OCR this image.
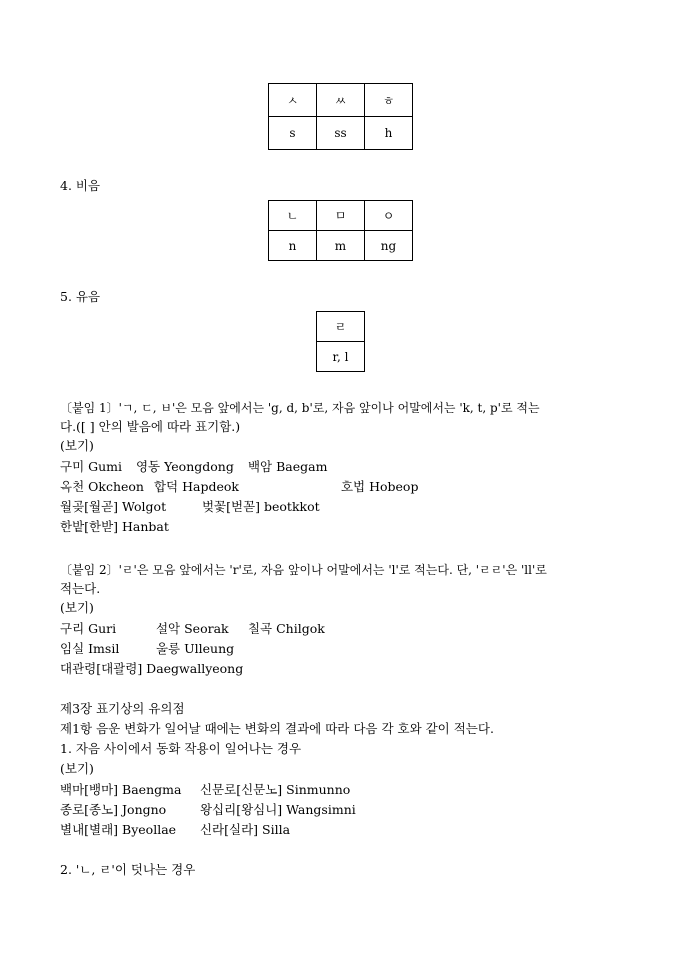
ㅅ	ㅆ	ㅎ
s	ss	h
4. 비음
ㄴ	ㅁ	ㅇ
n	m	ng
5. 유음
ㄹ
r, l
〔붙임 1〕'ㄱ, ㄷ, ㅂ'은 모음 앞에서는 'g, d, b'로, 자음 앞이나 어말에서는 'k, t, p'로 적는
다.([ ] 안의 발음에 따라 표기함.)
(보기)
구미 Gumi 영동 Yeongdong 백암 Baegam
옥천 Okcheon 합덕 Hapdeok	호법 Hobeop
월곶[월곧] Wolgot	벚꽃[벋꼳] beotkkot
한밭[한받] Hanbat
〔붙임 2〕'ㄹ'은 모음 앞에서는 'r'로, 자음 앞이나 어말에서는 'l'로 적는다. 단, 'ㄹㄹ'은 'll'로
적는다.
(보기)
구리 Guri	설악 Seorak 칠곡 Chilgok
임실 Imsil	울릉 Ulleung
대관령[대괄령] Daegwallyeong
제3장 표기상의 유의점
제1항 음운 변화가 일어날 때에는 변화의 결과에 따라 다음 각 호와 같이 적는다.
1. 자음 사이에서 동화 작용이 일어나는 경우
(보기)
백마[뱅마] Baengma 신문로[신문노] Sinmunno
종로[종노] Jongno	왕십리[왕심니] Wangsimni
별내[별래] Byeollae 신라[실라] Silla
2. 'ㄴ, ㄹ'이 덧나는 경우
